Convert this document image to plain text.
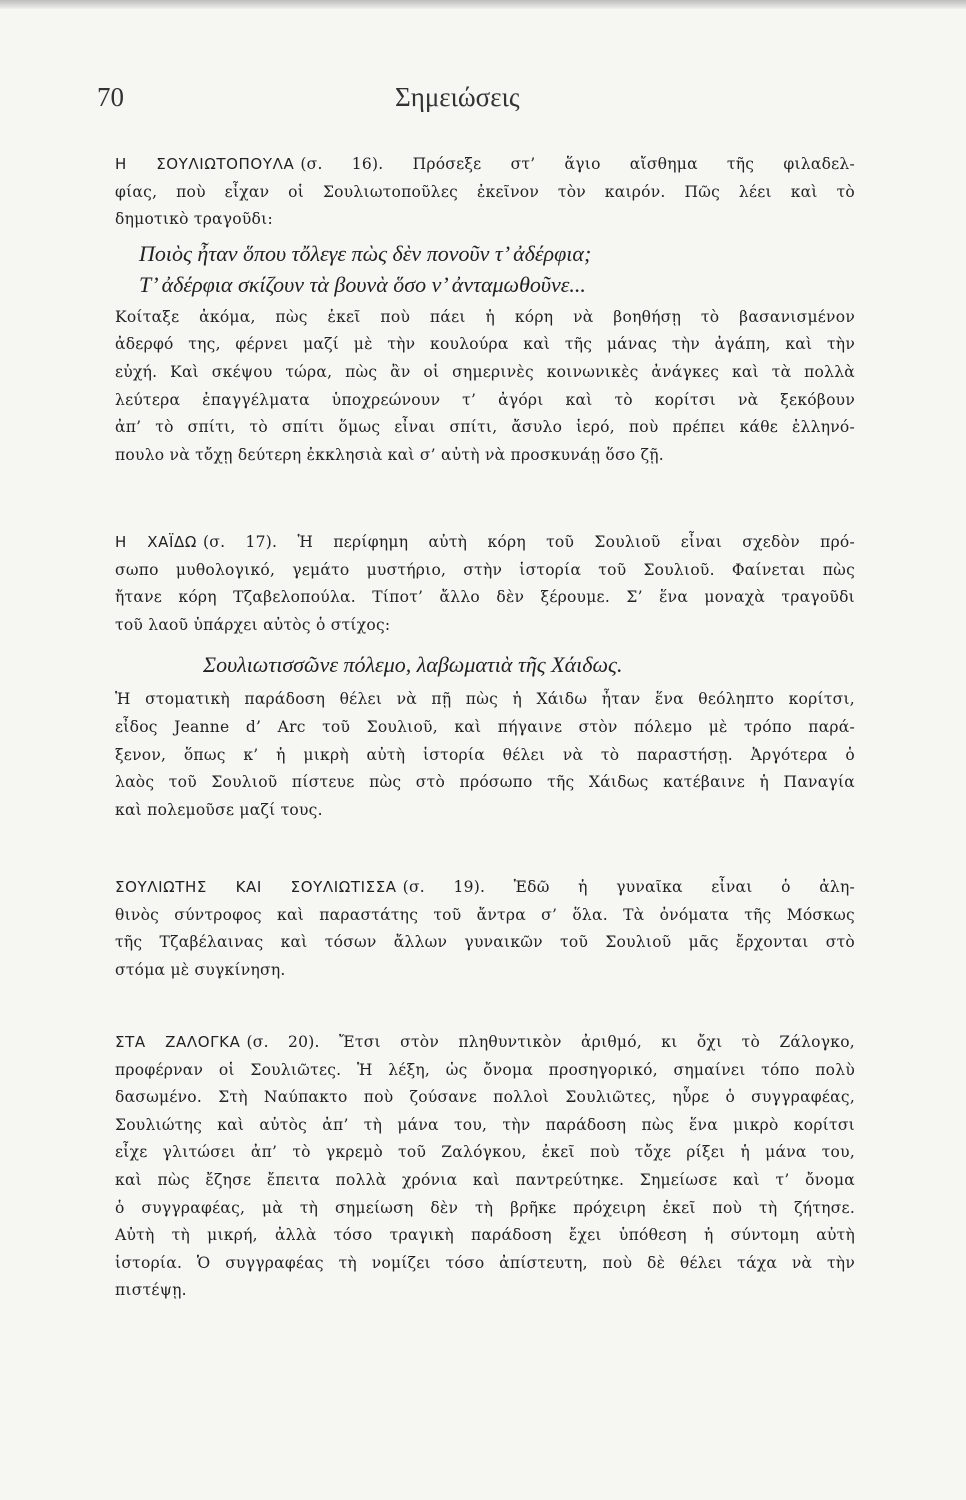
70	Σημειώσεις
Η ΣΟΥΛΙΩΤΟΠΟΥΛΑ (σ. 16). Πρόσεξε στ’ ἅγιο αἴσθημα τῆς φιλαδελ-
φίας, ποὺ εἶχαν οἱ Σουλιωτοποῦλες ἐκεῖνον τὸν καιρόν. Πῶς λέει καὶ τὸ
δημοτικὸ τραγοῦδι:
Ποιὸς ἦταν ὅπου τὄλεγε πὼς δὲν πονοῦν τ’ ἀδέρφια;
Τ’ ἀδέρφια σκίζουν τὰ βουνὰ ὅσο ν’ ἀνταμωθοῦνε...
Κοίταξε ἀκόμα, πὼς ἐκεῖ ποὺ πάει ἡ κόρη νὰ βοηθήσῃ τὸ βασανισμένον
ἀδερφό της, φέρνει μαζί μὲ τὴν κουλούρα καὶ τῆς μάνας τὴν ἀγάπη, καὶ τὴν
εὐχή. Καὶ σκέψου τώρα, πὼς ἂν οἱ σημερινὲς κοινωνικὲς ἀνάγκες καὶ τὰ πολλὰ
λεύτερα ἐπαγγέλματα ὑποχρεώνουν τ’ ἀγόρι καὶ τὸ κορίτσι νὰ ξεκόβουν
ἀπ’ τὸ σπίτι, τὸ σπίτι ὅμως εἶναι σπίτι, ἄσυλο ἱερό, ποὺ πρέπει κάθε ἑλληνό-
πουλο νὰ τὄχῃ δεύτερη ἐκκλησιὰ καὶ σ’ αὐτὴ νὰ προσκυνάῃ ὅσο ζῇ.
Η ΧΑΪΔΩ (σ. 17). Ἡ περίφημη αὐτὴ κόρη τοῦ Σουλιοῦ εἶναι σχεδὸν πρό-
σωπο μυθολογικό, γεμάτο μυστήριο, στὴν ἱστορία τοῦ Σουλιοῦ. Φαίνεται πὼς
ἤτανε κόρη Τζαβελοπούλα. Τίποτ’ ἄλλο δὲν ξέρουμε. Σ’ ἕνα μοναχὰ τραγοῦδι
τοῦ λαοῦ ὑπάρχει αὐτὸς ὁ στίχος:
Σουλιωτισσῶνε πόλεμο, λαβωματιὰ τῆς Χάιδως.
Ἡ στοματικὴ παράδοση θέλει νὰ πῇ πὼς ἡ Χάιδω ἦταν ἕνα θεόληπτο κορίτσι,
εἶδος Jeanne d’ Arc τοῦ Σουλιοῦ, καὶ πήγαινε στὸν πόλεμο μὲ τρόπο παρά-
ξενον, ὅπως κ’ ἡ μικρὴ αὐτὴ ἱστορία θέλει νὰ τὸ παραστήσῃ. Ἀργότερα ὁ
λαὸς τοῦ Σουλιοῦ πίστευε πὼς στὸ πρόσωπο τῆς Χάιδως κατέβαινε ἡ Παναγία
καὶ πολεμοῦσε μαζί τους.
ΣΟΥΛΙΩΤΗΣ ΚΑΙ ΣΟΥΛΙΩΤΙΣΣΑ (σ. 19). Ἐδῶ ἡ γυναῖκα εἶναι ὁ ἀλη-
θινὸς σύντροφος καὶ παραστάτης τοῦ ἄντρα σ’ ὅλα. Τὰ ὀνόματα τῆς Μόσκως
τῆς Τζαβέλαινας καὶ τόσων ἄλλων γυναικῶν τοῦ Σουλιοῦ μᾶς ἔρχονται στὸ
στόμα μὲ συγκίνηση.
ΣΤΑ ΖΑΛΟΓΚΑ (σ. 20). Ἔτσι στὸν πληθυντικὸν ἀριθμό, κι ὄχι τὸ Ζάλογκο,
προφέρναν οἱ Σουλιῶτες. Ἡ λέξη, ὡς ὄνομα προσηγορικό, σημαίνει τόπο πολὺ
δασωμένο. Στὴ Ναύπακτο ποὺ ζούσανε πολλοὶ Σουλιῶτες, ηὗρε ὁ συγγραφέας,
Σουλιώτης καὶ αὐτὸς ἀπ’ τὴ μάνα του, τὴν παράδοση πὼς ἕνα μικρὸ κορίτσι
εἶχε γλιτώσει ἀπ’ τὸ γκρεμὸ τοῦ Ζαλόγκου, ἐκεῖ ποὺ τὄχε ρίξει ἡ μάνα του,
καὶ πὼς ἔζησε ἔπειτα πολλὰ χρόνια καὶ παντρεύτηκε. Σημείωσε καὶ τ’ ὄνομα
ὁ συγγραφέας, μὰ τὴ σημείωση δὲν τὴ βρῆκε πρόχειρη ἐκεῖ ποὺ τὴ ζήτησε.
Αὐτὴ τὴ μικρή, ἀλλὰ τόσο τραγικὴ παράδοση ἔχει ὑπόθεση ἡ σύντομη αὐτὴ
ἱστορία. Ὁ συγγραφέας τὴ νομίζει τόσο ἀπίστευτη, ποὺ δὲ θέλει τάχα νὰ τὴν
πιστέψῃ.
